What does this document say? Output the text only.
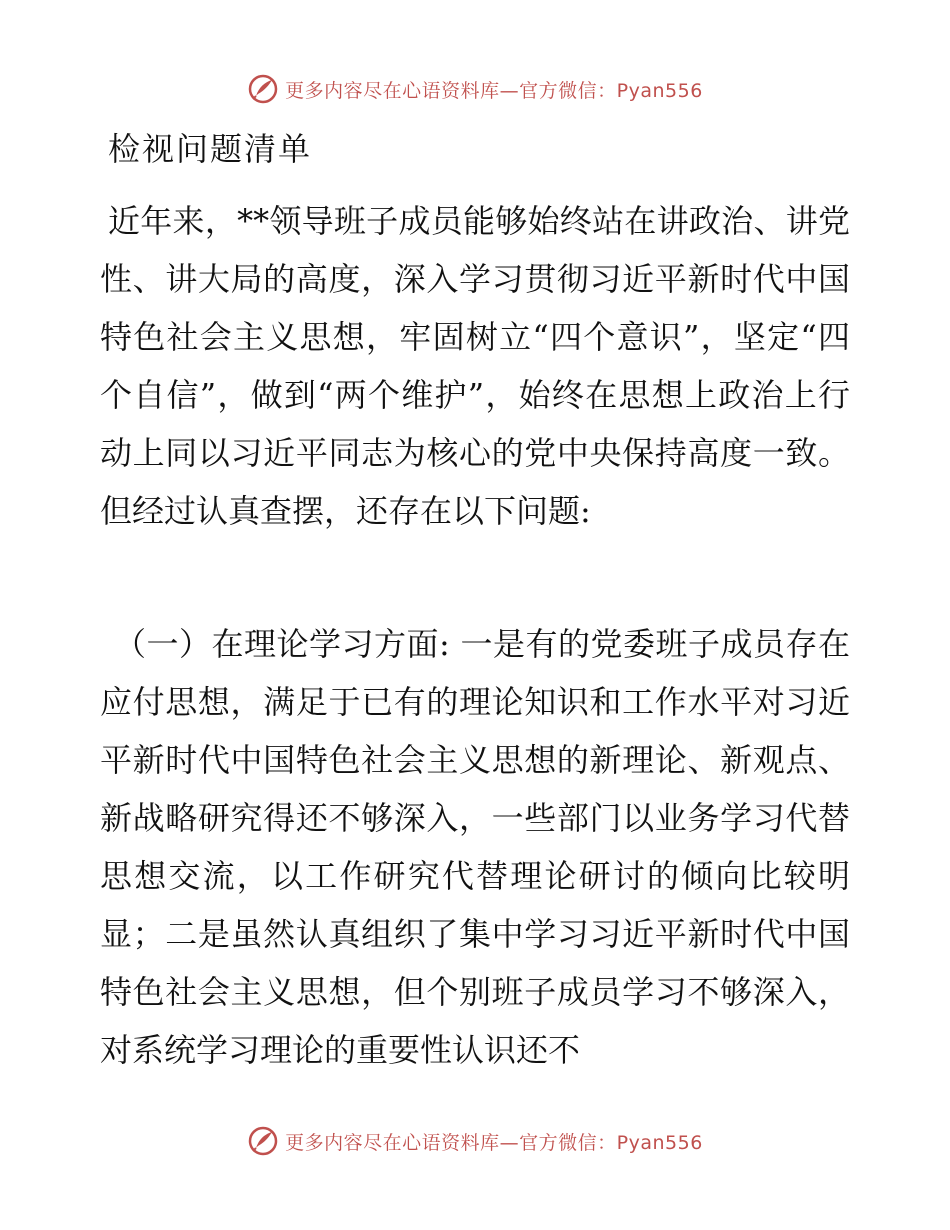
更多内容尽在心语资料库—官方微信：Pyan556
检视问题清单

近年来，**领导班子成员能够始终站在讲政治、讲党性、讲大局的高度，深入学习贯彻习近平新时代中国特色社会主义思想，牢固树立“四个意识”，坚定“四个自信”，做到“两个维护”，始终在思想上政治上行动上同以习近平同志为核心的党中央保持高度一致。但经过认真查摆，还存在以下问题:

（一）在理论学习方面: 一是有的党委班子成员存在应付思想，满足于已有的理论知识和工作水平对习近平新时代中国特色社会主义思想的新理论、新观点、新战略研究得还不够深入，一些部门以业务学习代替思想交流，以工作研究代替理论研讨的倾向比较明显；二是虽然认真组织了集中学习习近平新时代中国特色社会主义思想，但个别班子成员学习不够深入，对系统学习理论的重要性认识还不

更多内容尽在心语资料库—官方微信：Pyan556
